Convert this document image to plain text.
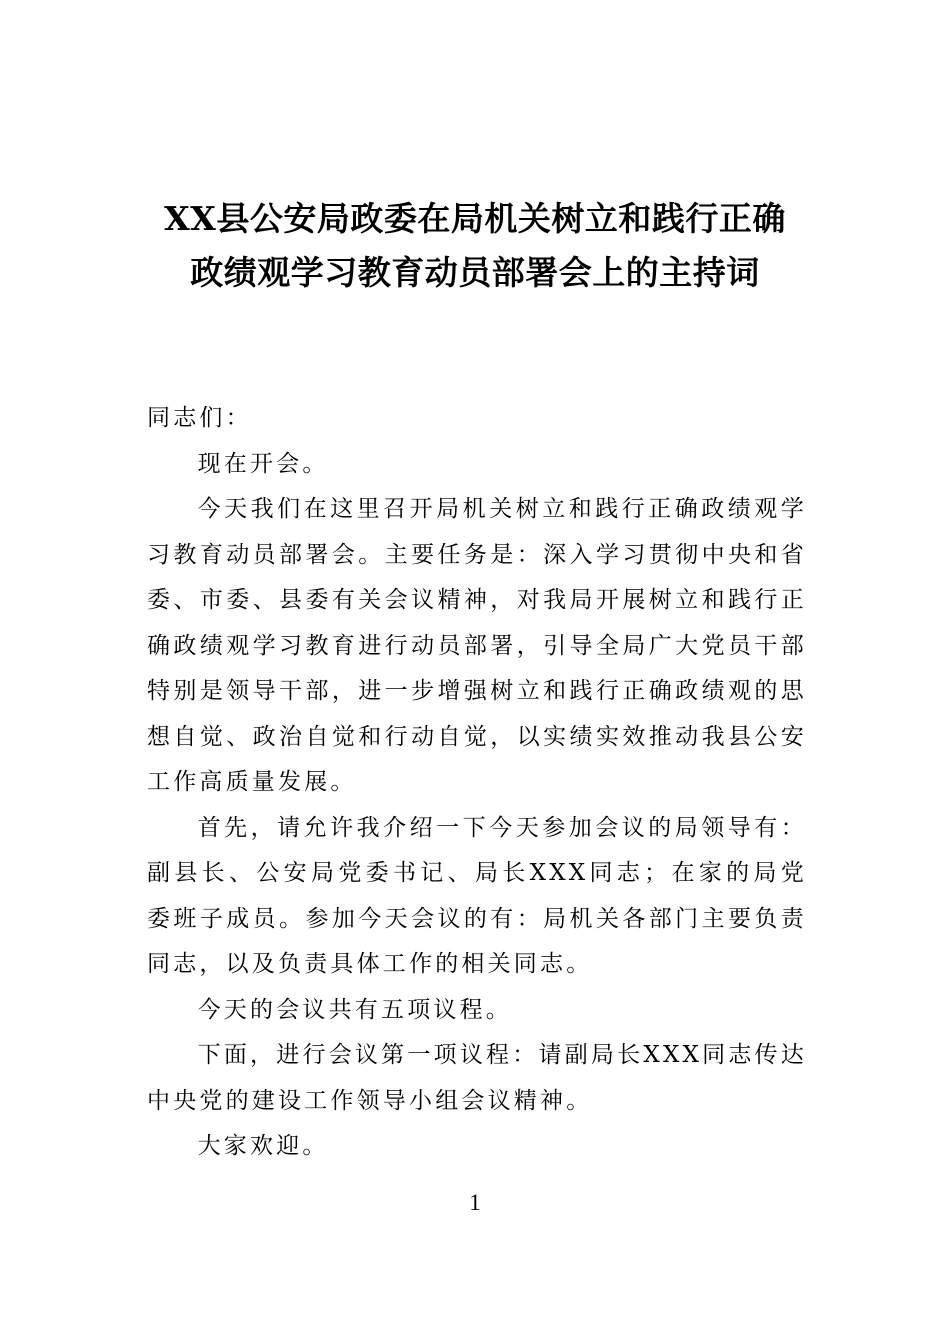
XX县公安局政委在局机关树立和践行正确
政绩观学习教育动员部署会上的主持词

同志们：

现在开会。

今天我们在这里召开局机关树立和践行正确政绩观学习教育动员部署会。主要任务是：深入学习贯彻中央和省委、市委、县委有关会议精神，对我局开展树立和践行正确政绩观学习教育进行动员部署，引导全局广大党员干部特别是领导干部，进一步增强树立和践行正确政绩观的思想自觉、政治自觉和行动自觉，以实绩实效推动我县公安工作高质量发展。

首先，请允许我介绍一下今天参加会议的局领导有：副县长、公安局党委书记、局长XXX同志；在家的局党委班子成员。参加今天会议的有：局机关各部门主要负责同志，以及负责具体工作的相关同志。

今天的会议共有五项议程。

下面，进行会议第一项议程：请副局长XXX同志传达中央党的建设工作领导小组会议精神。

大家欢迎。

1
